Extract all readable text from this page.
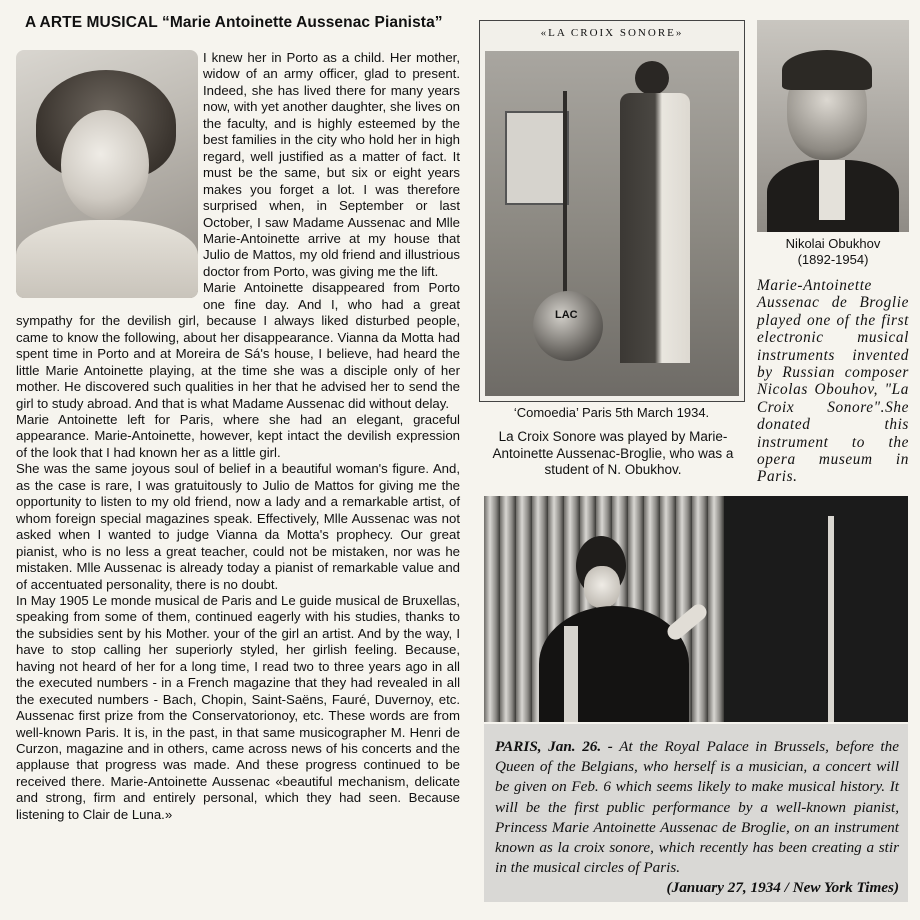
A ARTE MUSICAL “Marie Antoinette Aussenac Pianista”

I knew her in Porto as a child. Her mother, widow of an army officer, glad to present. Indeed, she has lived there for many years now, with yet another daughter, she lives on the faculty, and is highly esteemed by the best families in the city who hold her in high regard, well justified as a matter of fact. It must be the same, but six or eight years makes you forget a lot. I was therefore surprised when, in September or last October, I saw Madame Aussenac and Mlle Marie-Antoinette arrive at my house that Julio de Mattos, my old friend and illustrious doctor from Porto, was giving me the lift.

Marie Antoinette disappeared from Porto one fine day. And I, who had a great sympathy for the devilish girl, because I always liked disturbed people, came to know the following, about her disappearance. Vianna da Motta had spent time in Porto and at Moreira de Sá's house, I believe, had heard the little Marie Antoinette playing, at the time she was a disciple only of her mother. He discovered such qualities in her that he advised her to send the girl to study abroad. And that is what Madame Aussenac did without delay.

Marie Antoinette left for Paris, where she had an elegant, graceful appearance. Marie-Antoinette, however, kept intact the devilish expression of the look that I had known her as a little girl.

She was the same joyous soul of belief in a beautiful woman's figure. And, as the case is rare, I was gratuitously to Julio de Mattos for giving me the opportunity to listen to my old friend, now a lady and a remarkable artist, of whom foreign special magazines speak. Effectively, Mlle Aussenac was not asked when I wanted to judge Vianna da Motta's prophecy. Our great pianist, who is no less a great teacher, could not be mistaken, nor was he mistaken. Mlle Aussenac is already today a pianist of remarkable value and of accentuated personality, there is no doubt.

In May 1905 Le monde musical de Paris and Le guide musical de Bruxellas, speaking from some of them, continued eagerly with his studies, thanks to the subsidies sent by his Mother. your of the girl an artist. And by the way, I have to stop calling her superiorly styled, her girlish feeling. Because, having not heard of her for a long time, I read two to three years ago in all the executed numbers - in a French magazine that they had revealed in all the executed numbers - Bach, Chopin, Saint-Saëns, Fauré, Duvernoy, etc. Aussenac first prize from the Conservatorionoy, etc. These words are from well-known Paris. It is, in the past, in that same musicographer M. Henri de Curzon, magazine and in others, came across news of his concerts and the applause that progress was made. And these progress continued to be received there. Marie-Antoinette Aussenac «beautiful mechanism, delicate and strong, firm and entirely personal, which they had seen. Because listening to Clair de Luna.»

«LA CROIX SONORE»
LAC
‘Comoedia’ Paris 5th March 1934.
La Croix Sonore was played by Marie-Antoinette Aussenac-Broglie, who was a student of N. Obukhov.
Nikolai Obukhov
(1892-1954)
Marie-Antoinette Aussenac de Broglie played one of the first electronic musical instruments invented by Russian composer Nicolas Obouhov, "La Croix Sonore".She donated this instrument to the opera museum in Paris.
PARIS, Jan. 26. - At the Royal Palace in Brussels, before the Queen of the Belgians, who herself is a musician, a concert will be given on Feb. 6 which seems likely to make musical history. It will be the first public performance by a well-known pianist, Princess Marie Antoinette Aussenac de Broglie, on an instrument known as la croix sonore, which recently has been creating a stir in the musical circles of Paris.
(January 27, 1934 / New York Times)
